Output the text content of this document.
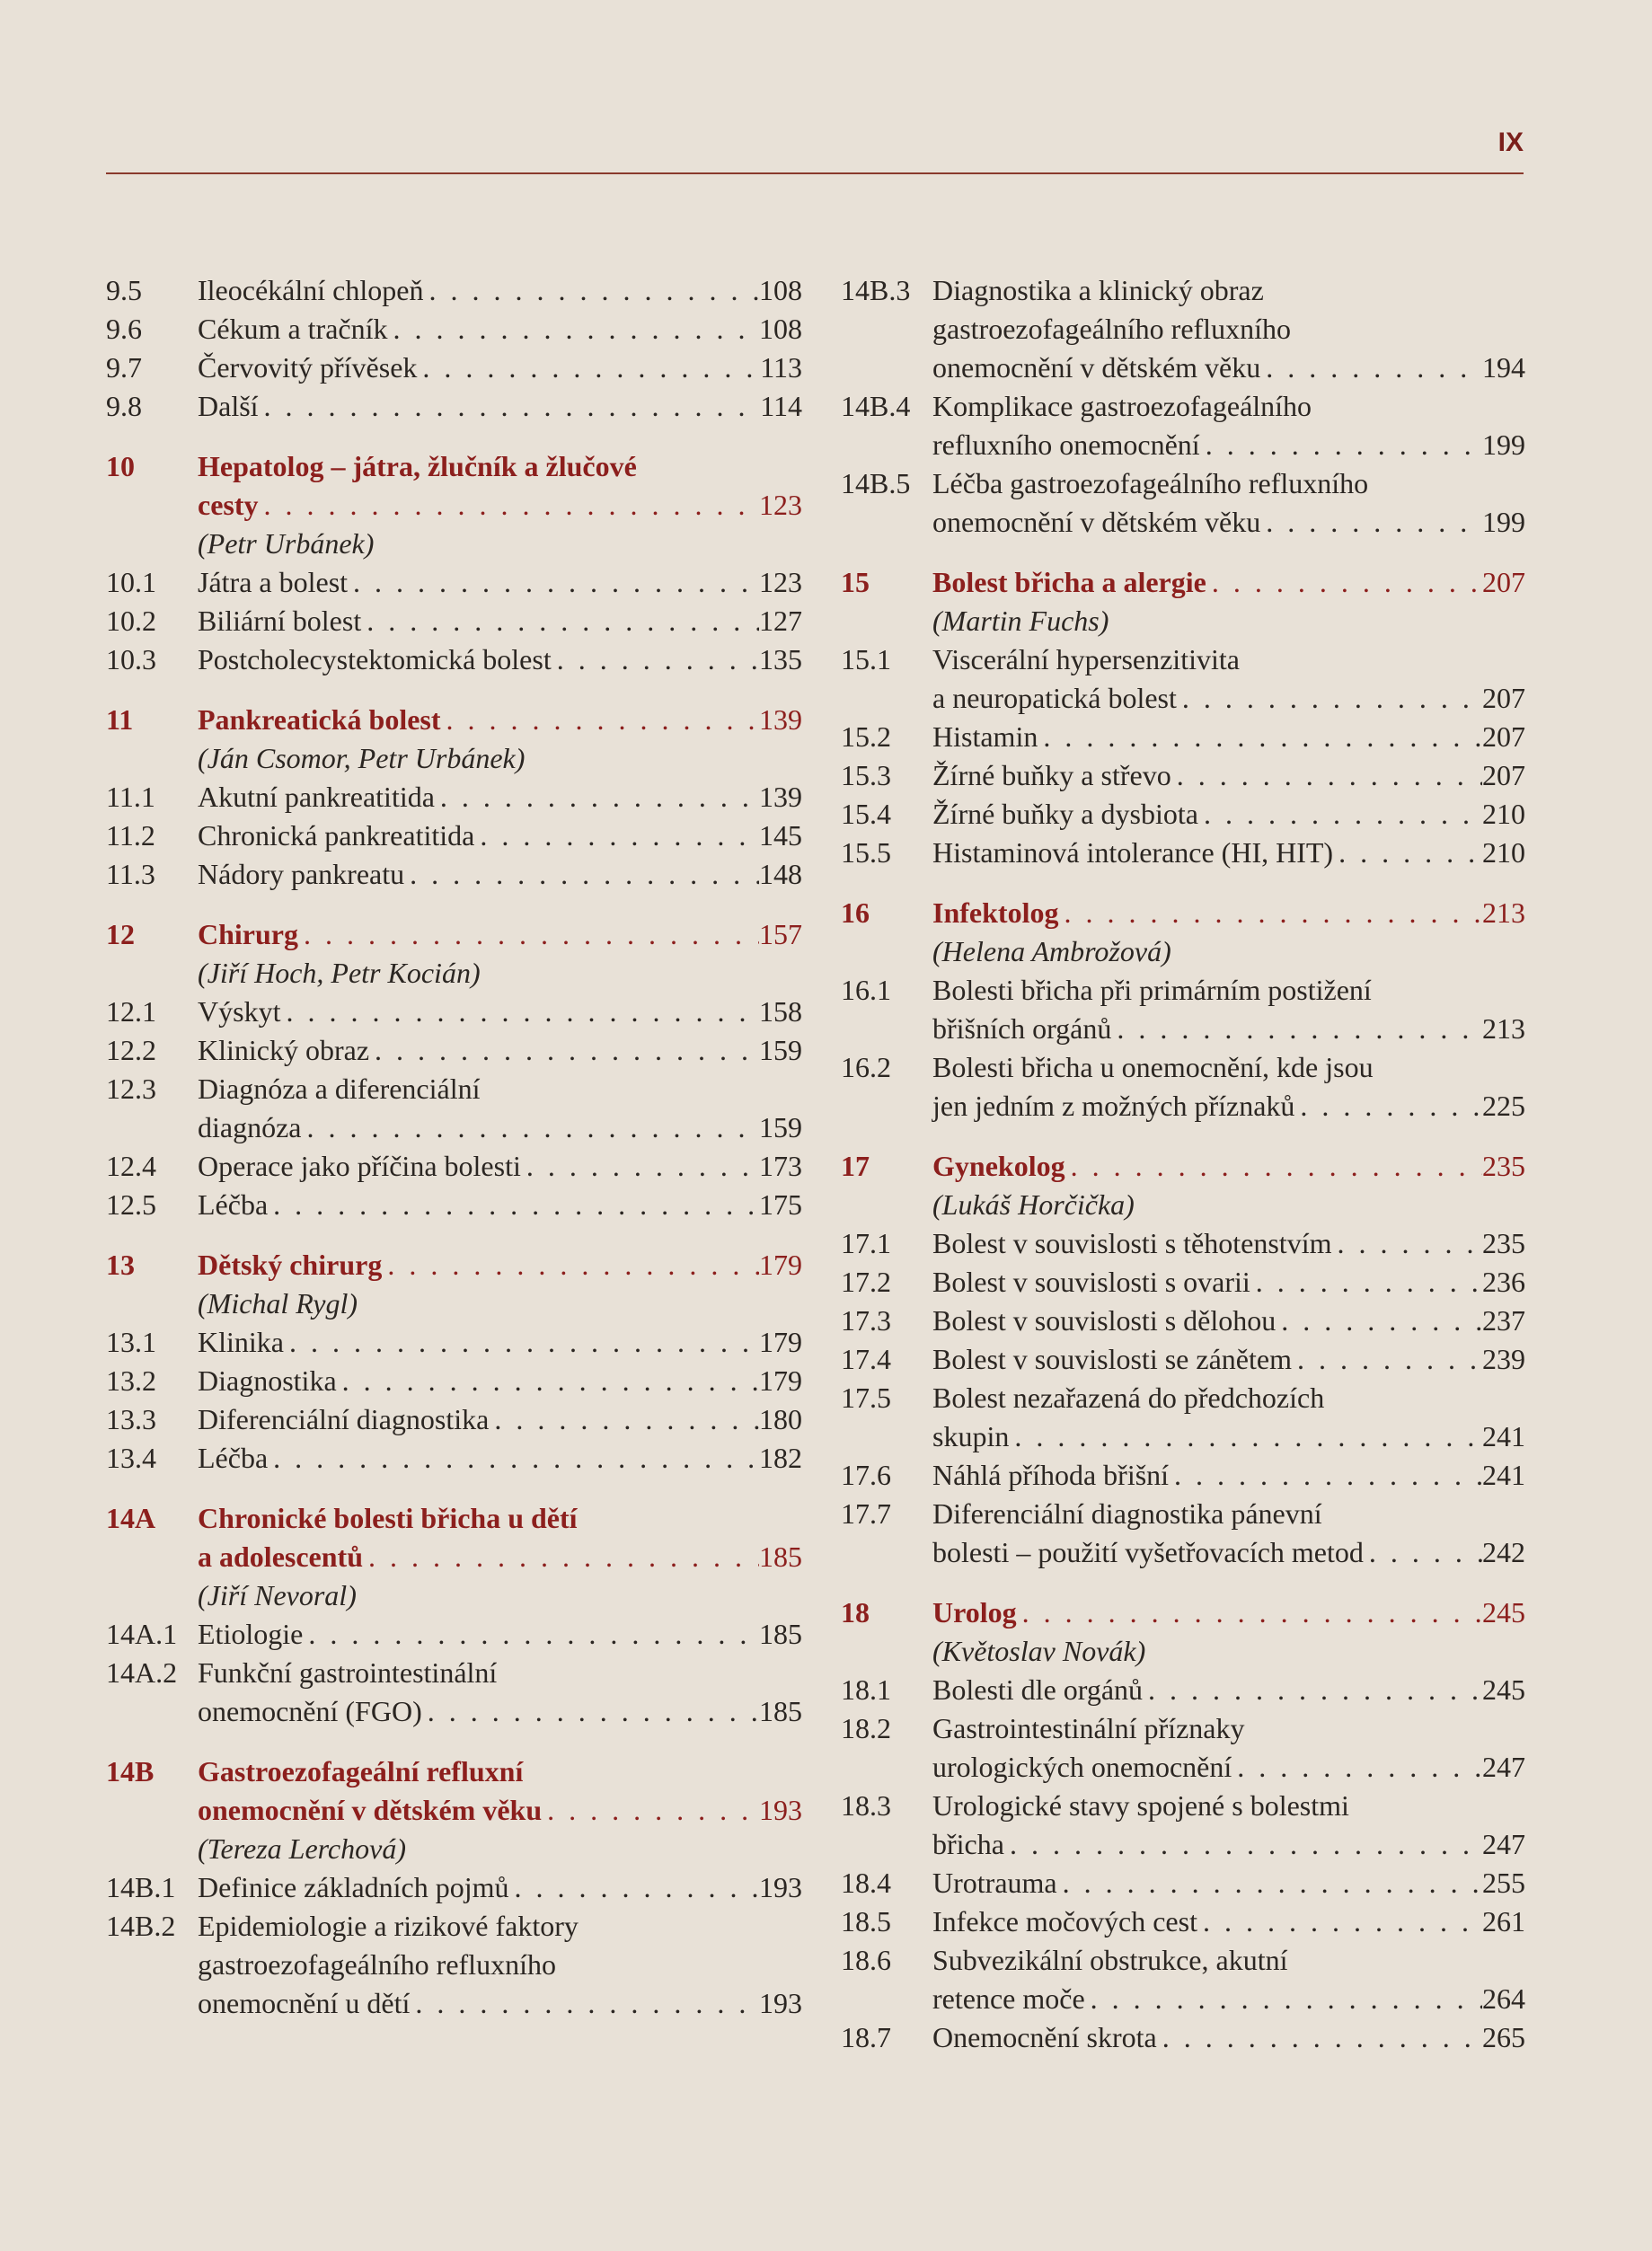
IX
9.5	Ileocékální chlopeň . . .	108
9.6	Cékum a tračník . . .	108
9.7	Červovitý přívěsek . . .	113
9.8	Další . . .	114
10	Hepatolog – játra, žlučník a žlučové
cesty . . .	123
(Petr Urbánek)
10.1	Játra a bolest . . .	123
10.2	Biliární bolest . . .	127
10.3	Postcholecystektomická bolest . . .	135
11	Pankreatická bolest . . .	139
(Ján Csomor, Petr Urbánek)
11.1	Akutní pankreatitida . . .	139
11.2	Chronická pankreatitida . . .	145
11.3	Nádory pankreatu . . .	148
12	Chirurg . . .	157
(Jiří Hoch, Petr Kocián)
12.1	Výskyt . . .	158
12.2	Klinický obraz . . .	159
12.3	Diagnóza a diferenciální
diagnóza . . .	159
12.4	Operace jako příčina bolesti . . .	173
12.5	Léčba . . .	175
13	Dětský chirurg . . .	179
(Michal Rygl)
13.1	Klinika . . .	179
13.2	Diagnostika . . .	179
13.3	Diferenciální diagnostika . . .	180
13.4	Léčba . . .	182
14A	Chronické bolesti břicha u dětí
a adolescentů . . .	185
(Jiří Nevoral)
14A.1 Etiologie . . .	185
14A.2 Funkční gastrointestinální
onemocnění (FGO) . . .	185
14B	Gastroezofageální refluxní
onemocnění v dětském věku . . .	193
(Tereza Lerchová)
14B.1 Definice základních pojmů . . .	193
14B.2 Epidemiologie a rizikové faktory
gastroezofageálního refluxního
onemocnění u dětí . . .	193
14B.3 Diagnostika a klinický obraz
gastroezofageálního refluxního
onemocnění v dětském věku . . .	194
14B.4 Komplikace gastroezofageálního
refluxního onemocnění . . .	199
14B.5 Léčba gastroezofageálního refluxního
onemocnění v dětském věku . . .	199
15	Bolest břicha a alergie . . .	207
(Martin Fuchs)
15.1	Viscerální hypersenzitivita
a neuropatická bolest . . .	207
15.2	Histamin . . .	207
15.3	Žírné buňky a střevo . . .	207
15.4	Žírné buňky a dysbiota . . .	210
15.5	Histaminová intolerance (HI, HIT) . . .	210
16	Infektolog . . .	213
(Helena Ambrožová)
16.1	Bolesti břicha při primárním postižení
břišních orgánů . . .	213
16.2	Bolesti břicha u onemocnění, kde jsou
jen jedním z možných příznaků . . .	225
17	Gynekolog . . .	235
(Lukáš Horčička)
17.1	Bolest v souvislosti s těhotenstvím . . .	235
17.2	Bolest v souvislosti s ovarii . . .	236
17.3	Bolest v souvislosti s dělohou . . .	237
17.4	Bolest v souvislosti se zánětem . . .	239
17.5	Bolest nezařazená do předchozích
skupin . . .	241
17.6	Náhlá příhoda břišní . . .	241
17.7	Diferenciální diagnostika pánevní
bolesti – použití vyšetřovacích metod . . .	242
18	Urolog . . .	245
(Květoslav Novák)
18.1	Bolesti dle orgánů . . .	245
18.2	Gastrointestinální příznaky
urologických onemocnění . . .	247
18.3	Urologické stavy spojené s bolestmi
břicha . . .	247
18.4	Urotrauma . . .	255
18.5	Infekce močových cest . . .	261
18.6	Subvezikální obstrukce, akutní
retence moče . . .	264
18.7	Onemocnění skrota . . .	265
